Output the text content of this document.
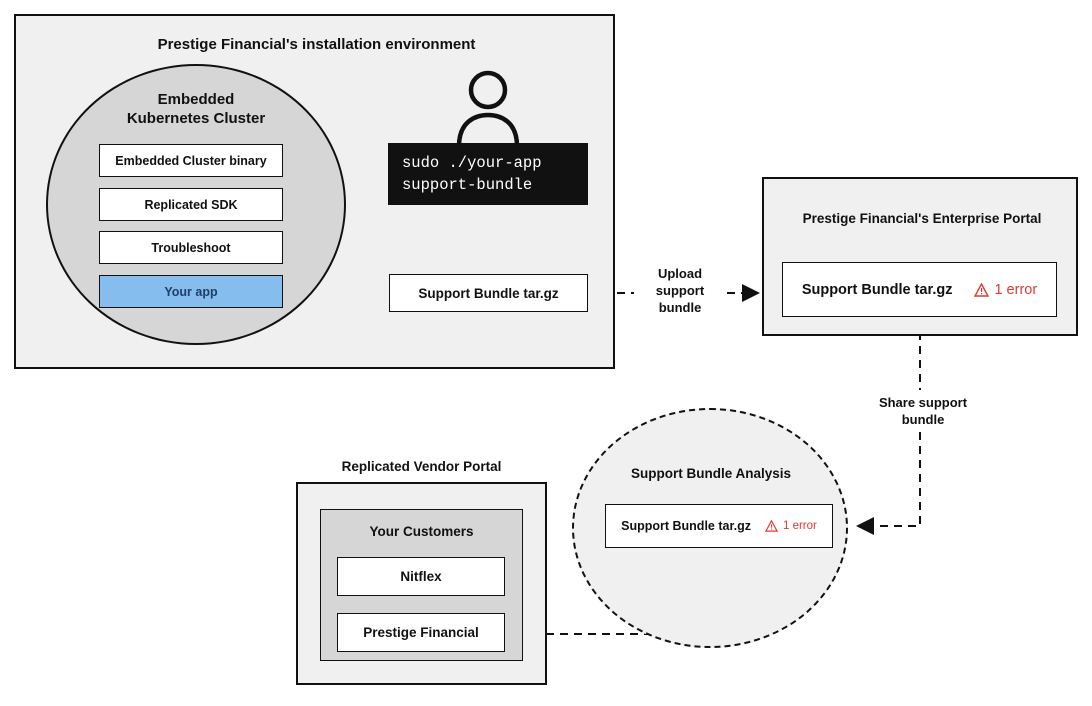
Prestige Financial's installation environment
Embedded
Kubernetes Cluster
Embedded Cluster binary
Replicated SDK
Troubleshoot
Your app
sudo ./your-app
support-bundle
Support Bundle tar.gz
Upload support bundle
Prestige Financial's Enterprise Portal
Support Bundle tar.gz	1 error
Share support bundle
Support Bundle Analysis
Support Bundle tar.gz	1 error
Replicated Vendor Portal
Your Customers
Nitflex
Prestige Financial
